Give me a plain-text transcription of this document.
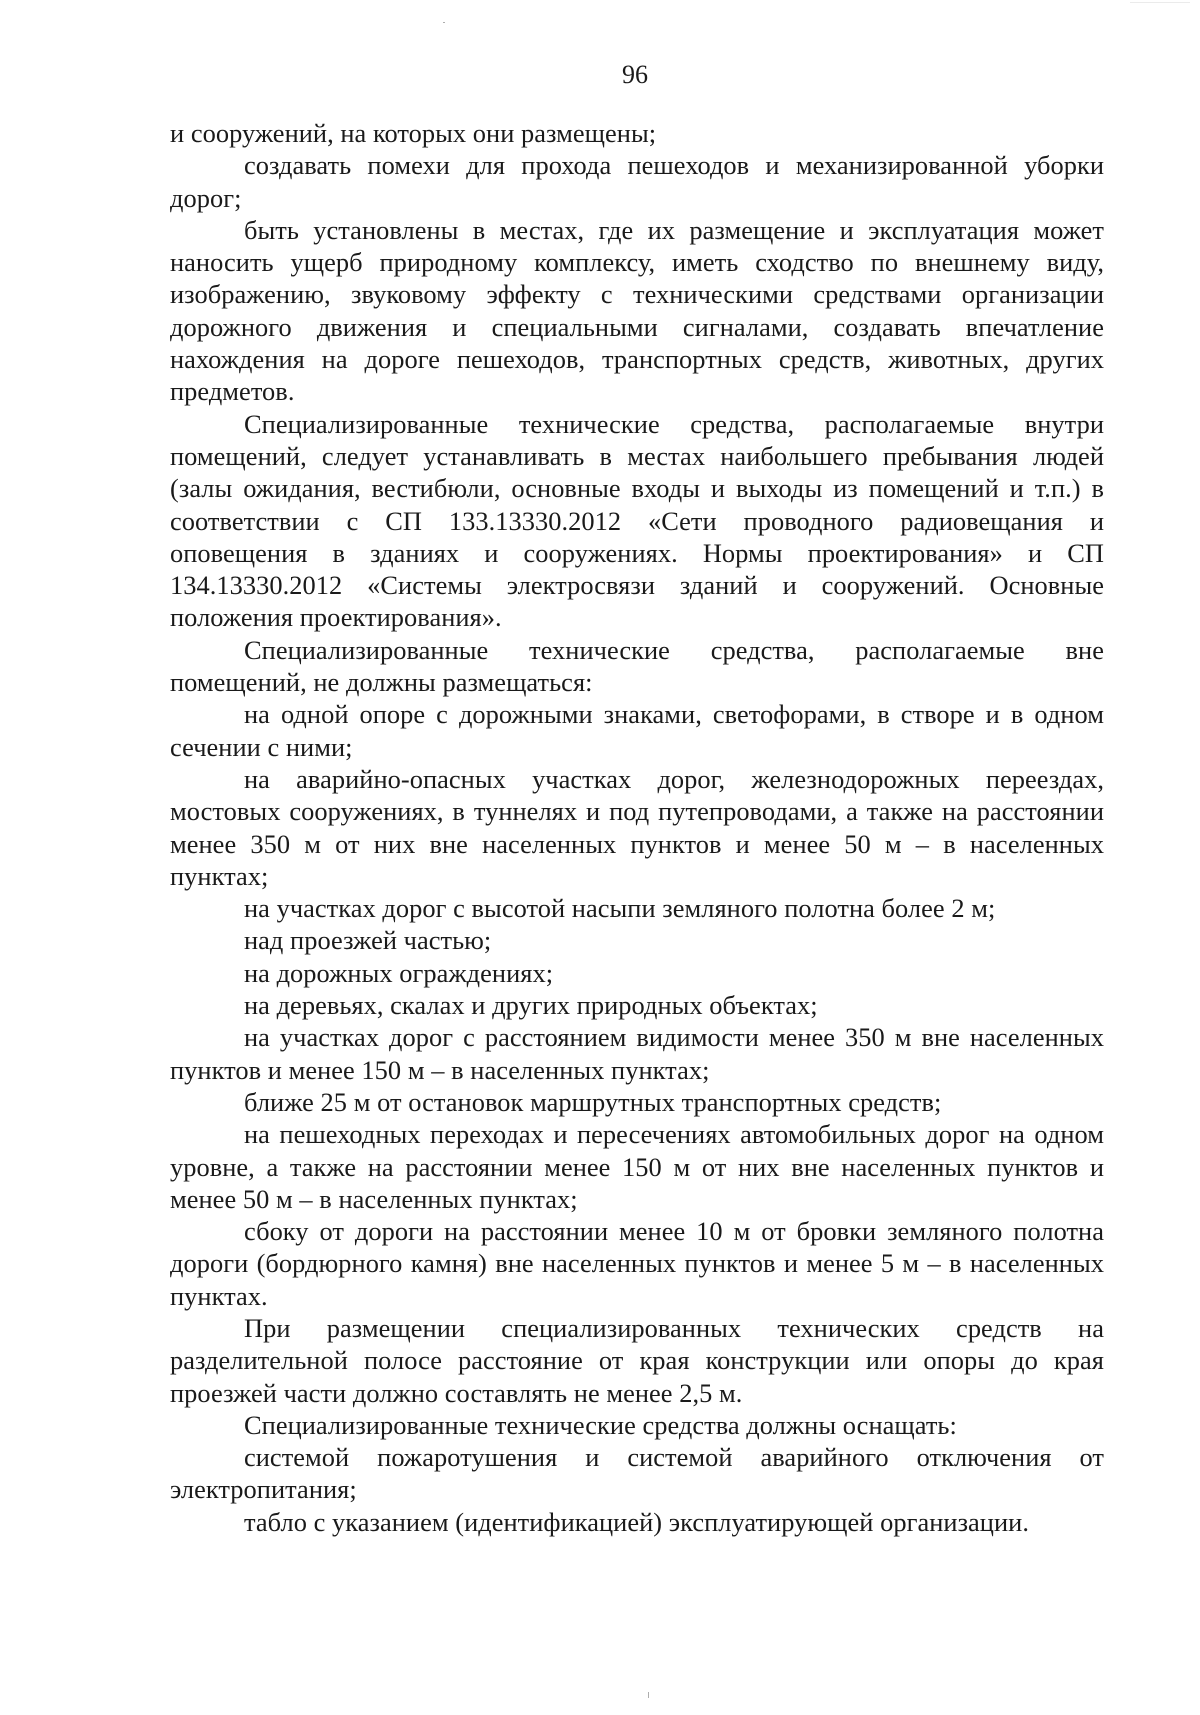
96

и сооружений, на которых они размещены;

создавать помехи для прохода пешеходов и механизированной уборки дорог;

быть установлены в местах, где их размещение и эксплуатация может наносить ущерб природному комплексу, иметь сходство по внешнему виду, изображению, звуковому эффекту с техническими средствами организации дорожного движения и специальными сигналами, создавать впечатление нахождения на дороге пешеходов, транспортных средств, животных, других предметов.

Специализированные технические средства, располагаемые внутри помещений, следует устанавливать в местах наибольшего пребывания людей (залы ожидания, вестибюли, основные входы и выходы из помещений и т.п.) в соответствии с СП 133.13330.2012 «Сети проводного радиовещания и оповещения в зданиях и сооружениях. Нормы проектирования» и СП 134.13330.2012 «Системы электросвязи зданий и сооружений. Основные положения проектирования».

Специализированные технические средства, располагаемые вне помещений, не должны размещаться:

на одной опоре с дорожными знаками, светофорами, в створе и в одном сечении с ними;

на аварийно-опасных участках дорог, железнодорожных переездах, мостовых сооружениях, в туннелях и под путепроводами, а также на расстоянии менее 350 м от них вне населенных пунктов и менее 50 м – в населенных пунктах;

на участках дорог с высотой насыпи земляного полотна более 2 м;

над проезжей частью;

на дорожных ограждениях;

на деревьях, скалах и других природных объектах;

на участках дорог с расстоянием видимости менее 350 м вне населенных пунктов и менее 150 м – в населенных пунктах;

ближе 25 м от остановок маршрутных транспортных средств;

на пешеходных переходах и пересечениях автомобильных дорог на одном уровне, а также на расстоянии менее 150 м от них вне населенных пунктов и менее 50 м – в населенных пунктах;

сбоку от дороги на расстоянии менее 10 м от бровки земляного полотна дороги (бордюрного камня) вне населенных пунктов и менее 5 м – в населенных пунктах.

При размещении специализированных технических средств на разделительной полосе расстояние от края конструкции или опоры до края проезжей части должно составлять не менее 2,5 м.

Специализированные технические средства должны оснащать:

системой пожаротушения и системой аварийного отключения от электропитания;

табло с указанием (идентификацией) эксплуатирующей организации.
